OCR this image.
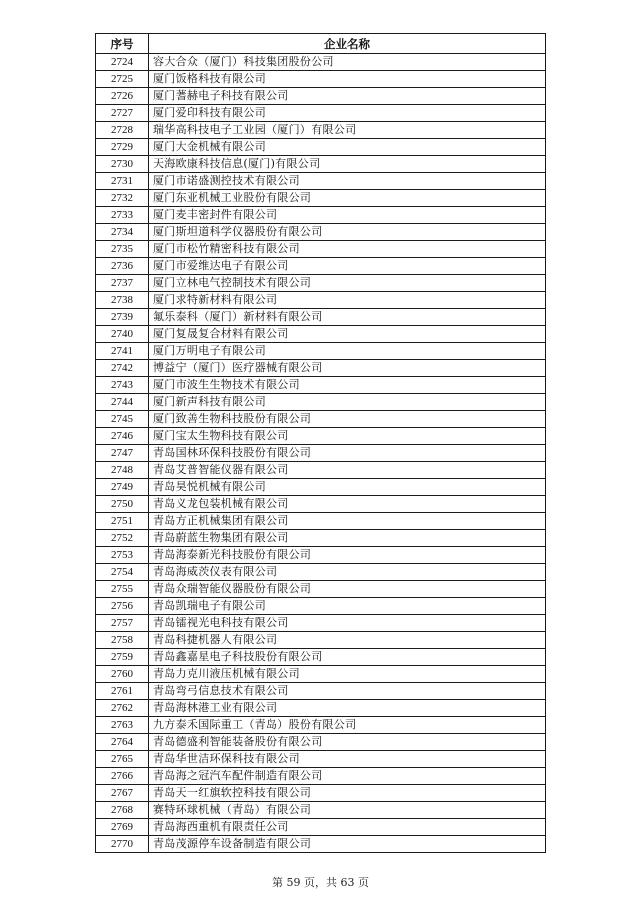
序号	企业名称
2724	容大合众（厦门）科技集团股份公司
2725	厦门饭格科技有限公司
2726	厦门蓍赫电子科技有限公司
2727	厦门爱印科技有限公司
2728	瑞华高科技电子工业园（厦门）有限公司
2729	厦门大金机械有限公司
2730	天海欧康科技信息(厦门)有限公司
2731	厦门市诺盛测控技术有限公司
2732	厦门东亚机械工业股份有限公司
2733	厦门麦丰密封件有限公司
2734	厦门斯坦道科学仪器股份有限公司
2735	厦门市松竹精密科技有限公司
2736	厦门市爱维达电子有限公司
2737	厦门立林电气控制技术有限公司
2738	厦门求特新材料有限公司
2739	氟乐泰科（厦门）新材料有限公司
2740	厦门复晟复合材料有限公司
2741	厦门万明电子有限公司
2742	博益宁（厦门）医疗器械有限公司
2743	厦门市波生生物技术有限公司
2744	厦门新声科技有限公司
2745	厦门致善生物科技股份有限公司
2746	厦门宝太生物科技有限公司
2747	青岛国林环保科技股份有限公司
2748	青岛艾普智能仪器有限公司
2749	青岛昊悦机械有限公司
2750	青岛义龙包装机械有限公司
2751	青岛方正机械集团有限公司
2752	青岛蔚蓝生物集团有限公司
2753	青岛海泰新光科技股份有限公司
2754	青岛海威茨仪表有限公司
2755	青岛众瑞智能仪器股份有限公司
2756	青岛凯瑞电子有限公司
2757	青岛镭视光电科技有限公司
2758	青岛科捷机器人有限公司
2759	青岛鑫嘉星电子科技股份有限公司
2760	青岛力克川液压机械有限公司
2761	青岛弯弓信息技术有限公司
2762	青岛海林港工业有限公司
2763	九方泰禾国际重工（青岛）股份有限公司
2764	青岛德盛利智能装备股份有限公司
2765	青岛华世洁环保科技有限公司
2766	青岛海之冠汽车配件制造有限公司
2767	青岛天一红旗软控科技有限公司
2768	赛特环球机械（青岛）有限公司
2769	青岛海西重机有限责任公司
2770	青岛茂源停车设备制造有限公司
第 59 页，共 63 页
